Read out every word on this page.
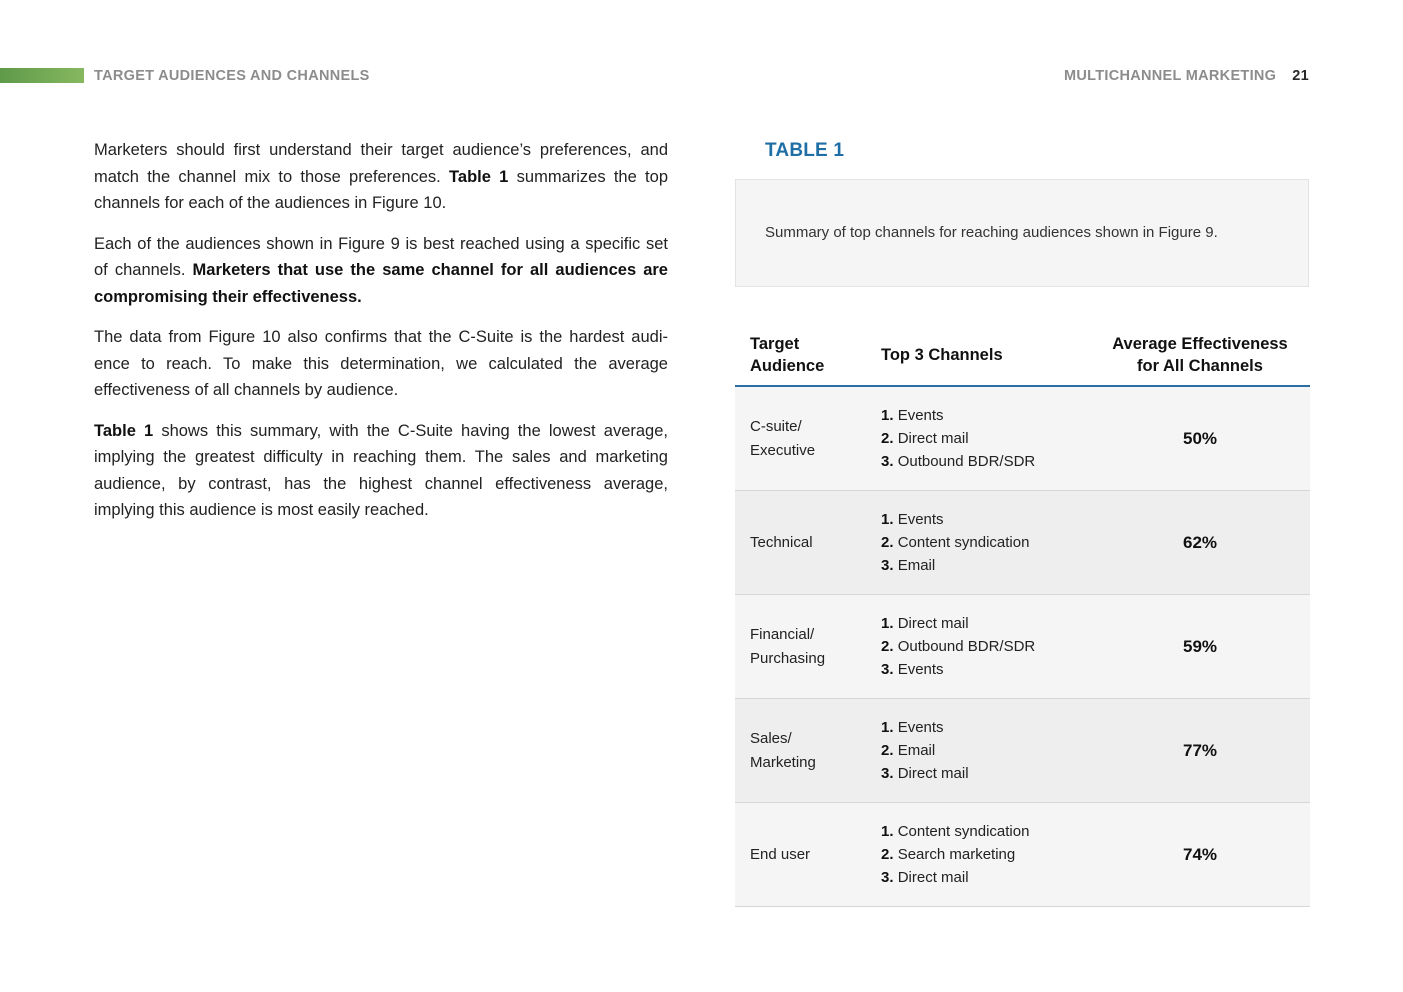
TARGET AUDIENCES AND CHANNELS	MULTICHANNEL MARKETING 21

Marketers should first understand their target audience’s preferences, and match the channel mix to those preferences. Table 1 summarizes the top channels for each of the audiences in Figure 10.

Each of the audiences shown in Figure 9 is best reached using a specific set of channels. Marketers that use the same channel for all audiences are compromising their effectiveness.

The data from Figure 10 also confirms that the C-Suite is the hardest audi-ence to reach. To make this determination, we calculated the average effectiveness of all channels by audience.

Table 1 shows this summary, with the C-Suite having the lowest average, implying the greatest difficulty in reaching them. The sales and marketing audience, by contrast, has the highest channel effectiveness average, implying this audience is most easily reached.

TABLE 1
Summary of top channels for reaching audiences shown in Figure 9.
Target
Audience
Top 3 Channels
Average Effectiveness
for All Channels
C-suite/
Executive
1. Events
2. Direct mail
3. Outbound BDR/SDR
50%
Technical
1. Events
2. Content syndication
3. Email
62%
Financial/
Purchasing
1. Direct mail
2. Outbound BDR/SDR
3. Events
59%
Sales/
Marketing
1. Events
2. Email
3. Direct mail
77%
End user
1. Content syndication
2. Search marketing
3. Direct mail
74%
